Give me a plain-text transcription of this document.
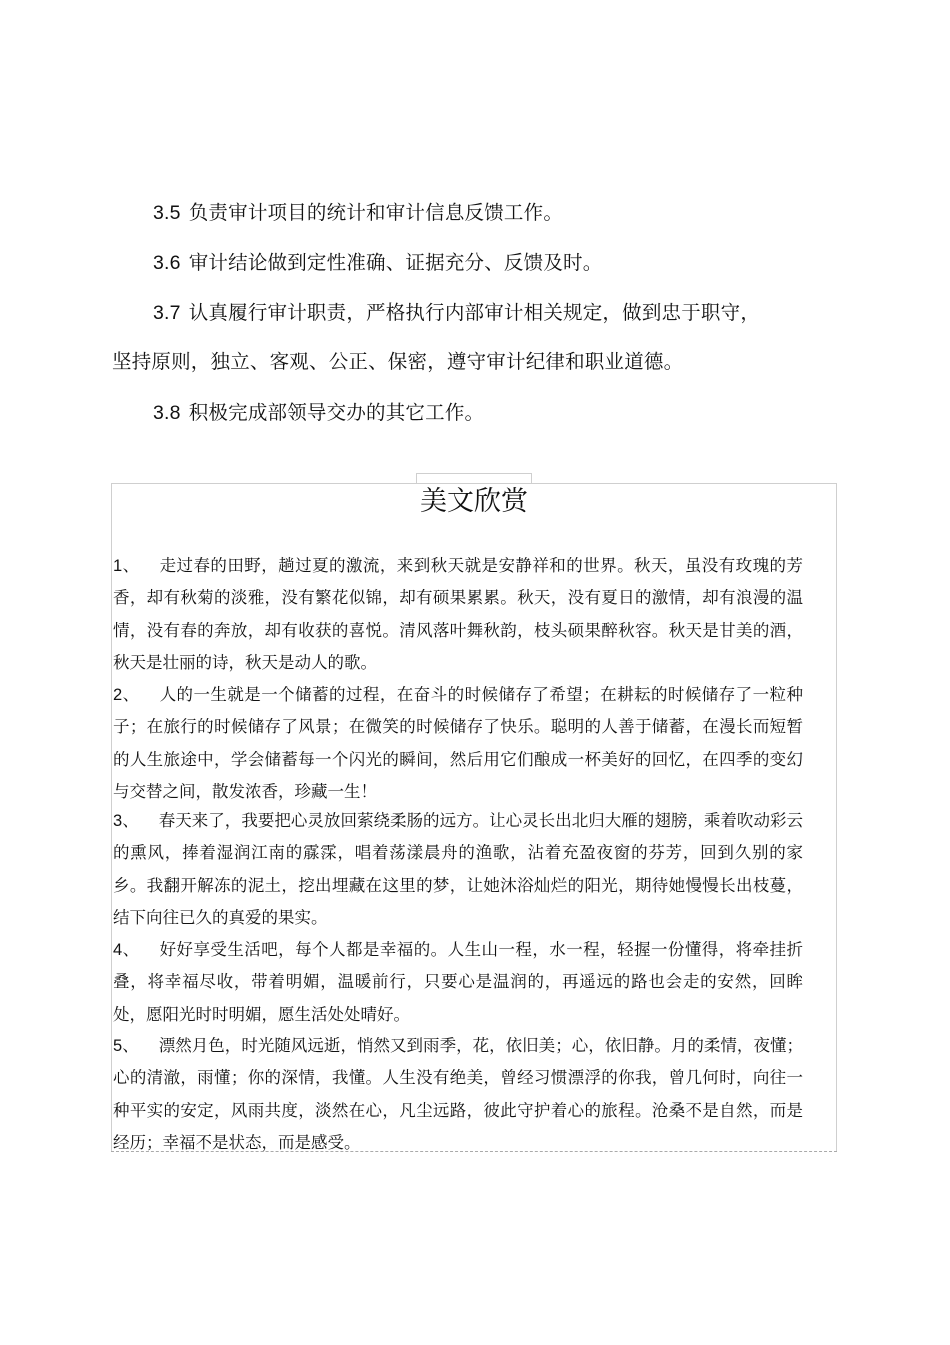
3.5 负责审计项目的统计和审计信息反馈工作。
3.6 审计结论做到定性准确、证据充分、反馈及时。
3.7 认真履行审计职责，严格执行内部审计相关规定，做到忠于职守，
坚持原则，独立、客观、公正、保密，遵守审计纪律和职业道德。
3.8 积极完成部领导交办的其它工作。
美文欣赏
1、 走过春的田野，趟过夏的激流，来到秋天就是安静祥和的世界。秋天，虽没有玫瑰的芳香，却有秋菊的淡雅，没有繁花似锦，却有硕果累累。秋天，没有夏日的激情，却有浪漫的温情，没有春的奔放，却有收获的喜悦。清风落叶舞秋韵，枝头硕果醉秋容。秋天是甘美的酒，秋天是壮丽的诗，秋天是动人的歌。
2、 人的一生就是一个储蓄的过程，在奋斗的时候储存了希望；在耕耘的时候储存了一粒种子；在旅行的时候储存了风景；在微笑的时候储存了快乐。聪明的人善于储蓄，在漫长而短暂的人生旅途中，学会储蓄每一个闪光的瞬间，然后用它们酿成一杯美好的回忆，在四季的变幻与交替之间，散发浓香，珍藏一生！
3、 春天来了，我要把心灵放回萦绕柔肠的远方。让心灵长出北归大雁的翅膀，乘着吹动彩云的熏风，捧着湿润江南的霡霂，唱着荡漾晨舟的渔歌，沾着充盈夜窗的芬芳，回到久别的家乡。我翻开解冻的泥土，挖出埋藏在这里的梦，让她沐浴灿烂的阳光，期待她慢慢长出枝蔓，结下向往已久的真爱的果实。
4、 好好享受生活吧，每个人都是幸福的。人生山一程，水一程，轻握一份懂得，将牵挂折叠，将幸福尽收，带着明媚，温暖前行，只要心是温润的，再遥远的路也会走的安然，回眸处，愿阳光时时明媚，愿生活处处晴好。
5、 漂然月色，时光随风远逝，悄然又到雨季，花，依旧美；心，依旧静。月的柔情，夜懂；心的清澈，雨懂；你的深情，我懂。人生没有绝美，曾经习惯漂浮的你我，曾几何时，向往一种平实的安定，风雨共度，淡然在心，凡尘远路，彼此守护着心的旅程。沧桑不是自然，而是经历；幸福不是状态，而是感受。
